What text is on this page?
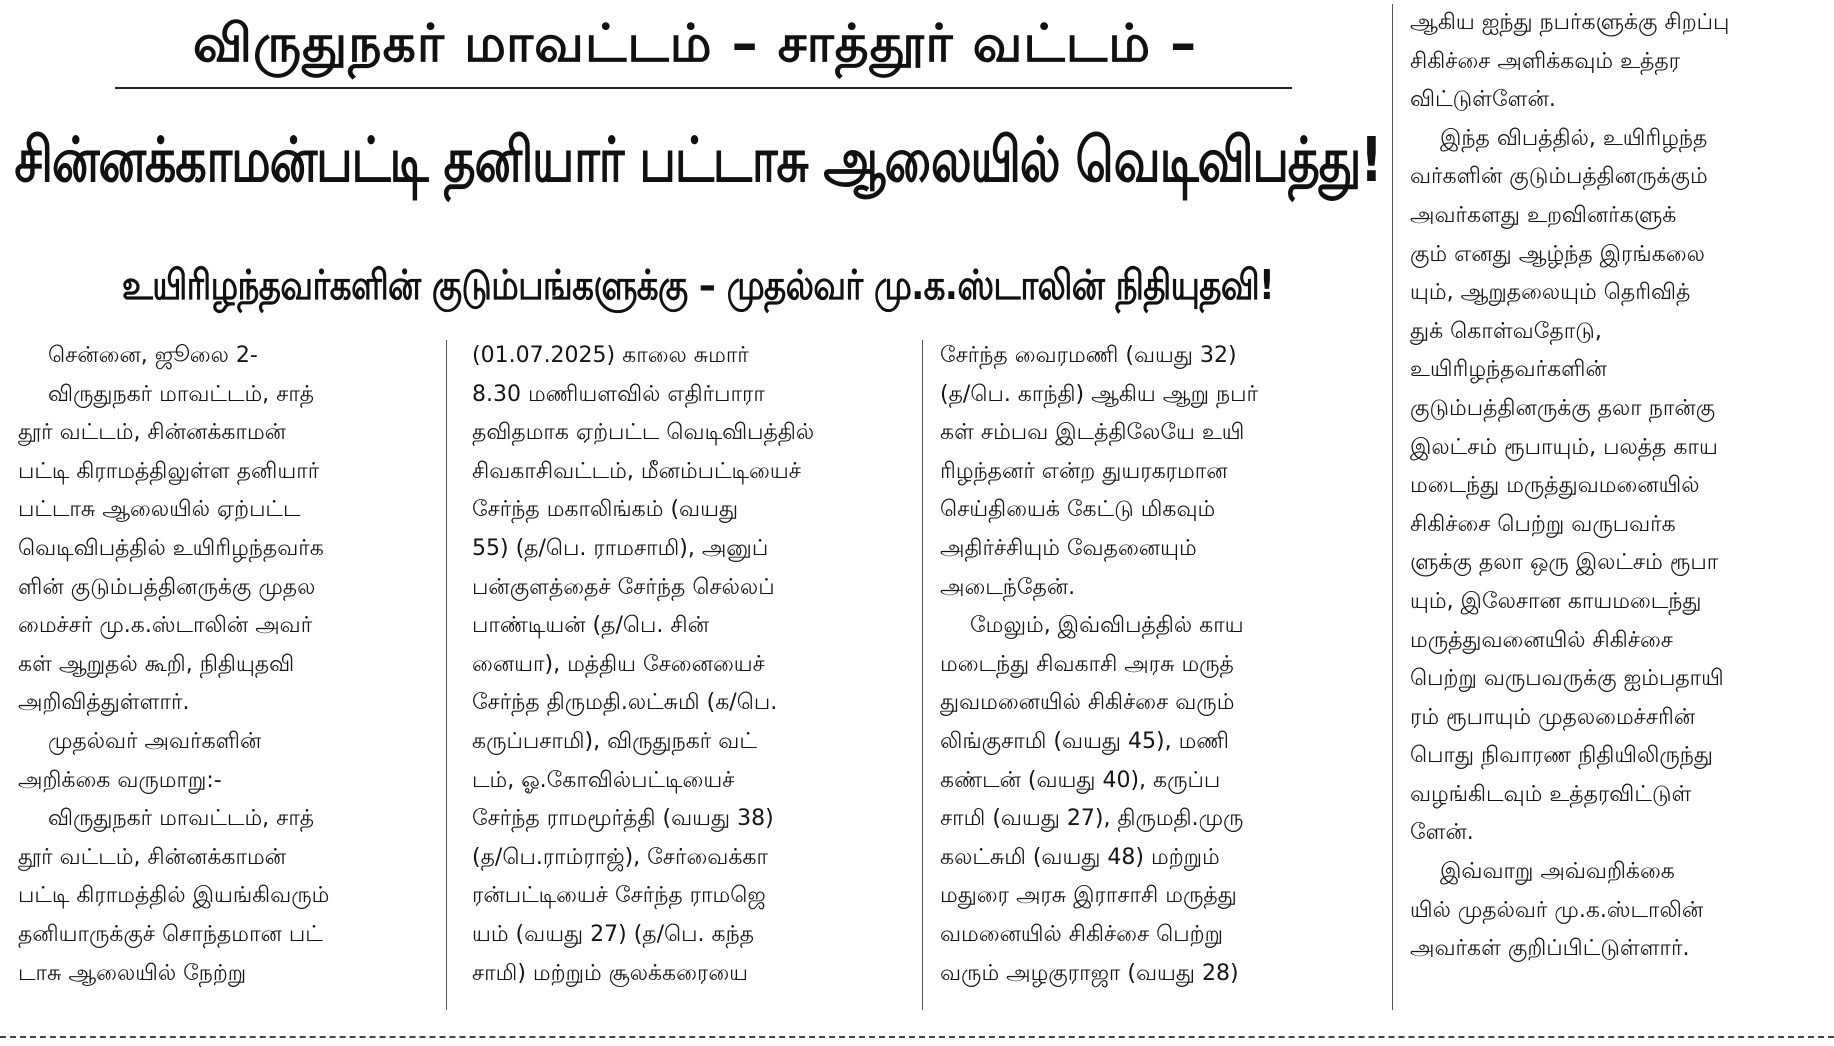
விருதுநகர் மாவட்டம் – சாத்தூர் வட்டம் –
சின்னக்காமன்பட்டி தனியார் பட்டாசு ஆலையில் வெடிவிபத்து!
உயிரிழந்தவர்களின் குடும்பங்களுக்கு – முதல்வர் மு.க.ஸ்டாலின் நிதியுதவி!

சென்னை, ஜூலை 2-

விருதுநகர் மாவட்டம், சாத்

தூர் வட்டம், சின்னக்காமன்

பட்டி கிராமத்திலுள்ள தனியார்

பட்டாசு ஆலையில் ஏற்பட்ட

வெடிவிபத்தில் உயிரிழந்தவர்க

ளின் குடும்பத்தினருக்கு முதல

மைச்சர் மு.க.ஸ்டாலின் அவர்

கள் ஆறுதல் கூறி, நிதியுதவி

அறிவித்துள்ளார்.

முதல்வர் அவர்களின்

அறிக்கை வருமாறு:-

விருதுநகர் மாவட்டம், சாத்

தூர் வட்டம், சின்னக்காமன்

பட்டி கிராமத்தில் இயங்கிவரும்

தனியாருக்குச் சொந்தமான பட்

டாசு ஆலையில் நேற்று

(01.07.2025) காலை சுமார்

8.30 மணியளவில் எதிர்பாரா

தவிதமாக ஏற்பட்ட வெடிவிபத்தில்

சிவகாசிவட்டம், மீனம்பட்டியைச்

சேர்ந்த மகாலிங்கம் (வயது

55) (த/பெ. ராமசாமி), அனுப்

பன்குளத்தைச் சேர்ந்த செல்லப்

பாண்டியன் (த/பெ. சின்

னையா), மத்திய சேனையைச்

சேர்ந்த திருமதி.லட்சுமி (க/பெ.

கருப்பசாமி), விருதுநகர் வட்

டம், ஓ.கோவில்பட்டியைச்

சேர்ந்த ராமமூர்த்தி (வயது 38)

(த/பெ.ராம்ராஜ்), சேர்வைக்கா

ரன்பட்டியைச் சேர்ந்த ராமஜெ

யம் (வயது 27) (த/பெ. கந்த

சாமி) மற்றும் சூலக்கரையை

சேர்ந்த வைரமணி (வயது 32)

(த/பெ. காந்தி) ஆகிய ஆறு நபர்

கள் சம்பவ இடத்திலேயே உயி

ரிழந்தனர் என்ற துயரகரமான

செய்தியைக் கேட்டு மிகவும்

அதிர்ச்சியும் வேதனையும்

அடைந்தேன்.

மேலும், இவ்விபத்தில் காய

மடைந்து சிவகாசி அரசு மருத்

துவமனையில் சிகிச்சை வரும்

லிங்குசாமி (வயது 45), மணி

கண்டன் (வயது 40), கருப்ப

சாமி (வயது 27), திருமதி.முரு

கலட்சுமி (வயது 48) மற்றும்

மதுரை அரசு இராசாசி மருத்து

வமனையில் சிகிச்சை பெற்று

வரும் அழகுராஜா (வயது 28)

ஆகிய ஐந்து நபர்களுக்கு சிறப்பு

சிகிச்சை அளிக்கவும் உத்தர

விட்டுள்ளேன்.

இந்த விபத்தில், உயிரிழந்த

வர்களின் குடும்பத்தினருக்கும்

அவர்களது உறவினர்களுக்

கும் எனது ஆழ்ந்த இரங்கலை

யும், ஆறுதலையும் தெரிவித்

துக் கொள்வதோடு,

உயிரிழந்தவர்களின்

குடும்பத்தினருக்கு தலா நான்கு

இலட்சம் ரூபாயும், பலத்த காய

மடைந்து மருத்துவமனையில்

சிகிச்சை பெற்று வருபவர்க

ளுக்கு தலா ஒரு இலட்சம் ரூபா

யும், இலேசான காயமடைந்து

மருத்துவனையில் சிகிச்சை

பெற்று வருபவருக்கு ஐம்பதாயி

ரம் ரூபாயும் முதலமைச்சரின்

பொது நிவாரண நிதியிலிருந்து

வழங்கிடவும் உத்தரவிட்டுள்

ளேன்.

இவ்வாறு அவ்வறிக்கை

யில் முதல்வர் மு.க.ஸ்டாலின்

அவர்கள் குறிப்பிட்டுள்ளார்.
